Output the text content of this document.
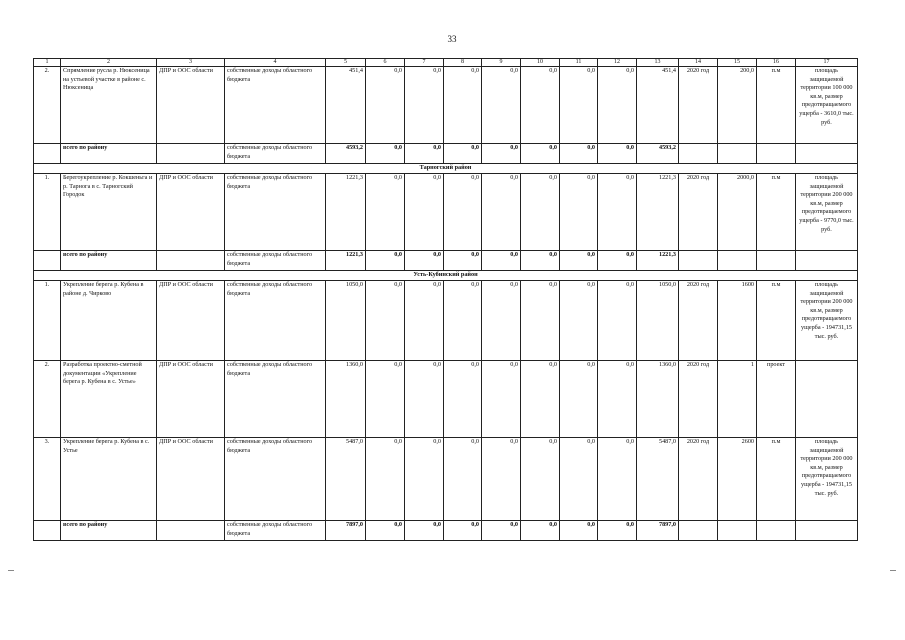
33
1	2	3	4	5	6	7	8	9	10	11	12	13	14	15	16	17
2.	Спрямление русла р. Нюксеница на устьевой участке в районе с. Нюксеница	ДПР и ООС области	собственные доходы областного бюджета	451,4	0,0	0,0	0,0	0,0	0,0	0,0	0,0	451,4	2020 год	200,0	п.м	площадь защищаемой территории 100 000 кв.м, размер предотвращаемого ущерба - 3610,0 тыс. руб.
	всего по району		собственные доходы областного бюджета	4593,2	0,0	0,0	0,0	0,0	0,0	0,0	0,0	4593,2				
Тарногский район																
1.	Берегоукрепление р. Кокшеньга и р. Тарнога в с. Тарногский Городок	ДПР и ООС области	собственные доходы областного бюджета	1221,3	0,0	0,0	0,0	0,0	0,0	0,0	0,0	1221,3	2020 год	2000,0	п.м	площадь защищаемой территории 200 000 кв.м, размер предотвращаемого ущерба - 9770,0 тыс. руб.
	всего по району		собственные доходы областного бюджета	1221,3	0,0	0,0	0,0	0,0	0,0	0,0	0,0	1221,3				
Усть-Кубинский район																
1.	Укрепление берега р. Кубена в районе д. Чирково	ДПР и ООС области	собственные доходы областного бюджета	1050,0	0,0	0,0	0,0	0,0	0,0	0,0	0,0	1050,0	2020 год	1600	п.м	площадь защищаемой территории 200 000 кв.м, размер предотвращаемого ущерба - 194731,15 тыс. руб.
2.	Разработка проектно-сметной документации «Укрепление берега р. Кубена в с. Устье»	ДПР и ООС области	собственные доходы областного бюджета	1360,0	0,0	0,0	0,0	0,0	0,0	0,0	0,0	1360,0	2020 год	1	проект	
3.	Укрепление берега р. Кубена в с. Устье	ДПР и ООС области	собственные доходы областного бюджета	5487,0	0,0	0,0	0,0	0,0	0,0	0,0	0,0	5487,0	2020 год	2600	п.м	площадь защищаемой территории 200 000 кв.м, размер предотвращаемого ущерба - 194731,15 тыс. руб.
	всего по району		собственные доходы областного бюджета	7897,0	0,0	0,0	0,0	0,0	0,0	0,0	0,0	7897,0				
